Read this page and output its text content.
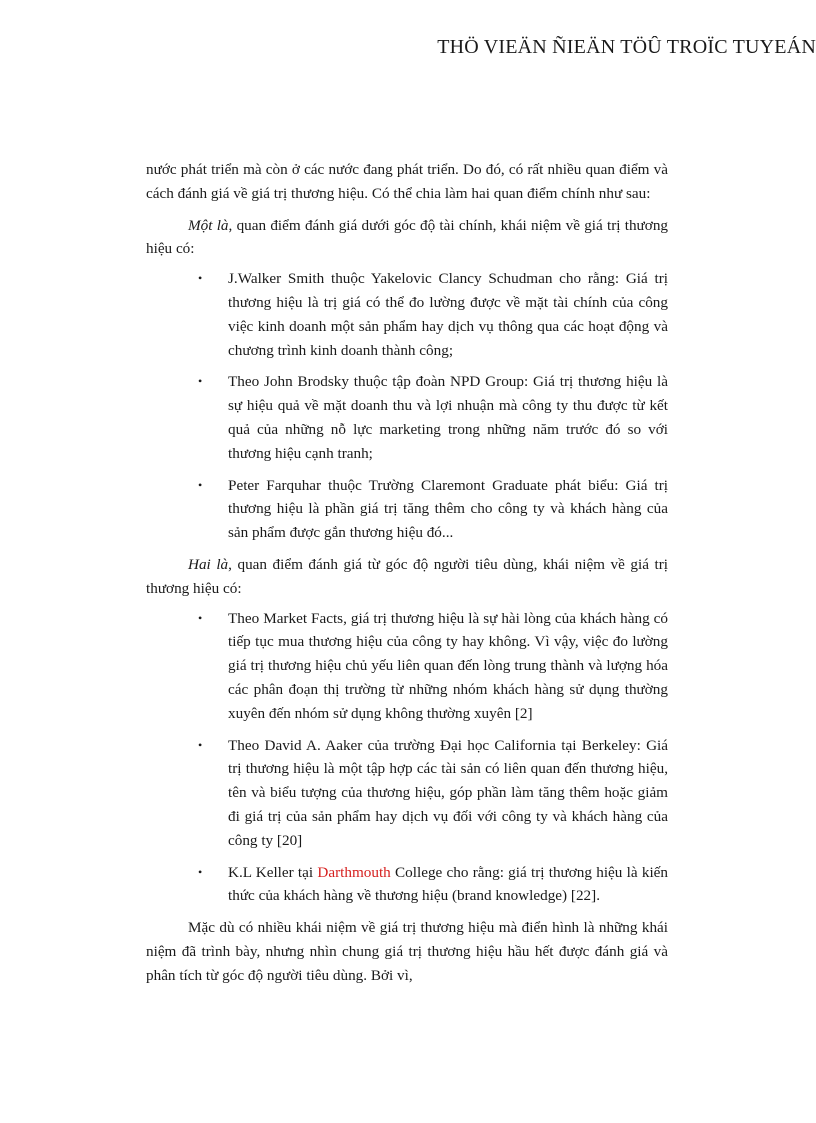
THÖ VIEÄN ÑIEÄN TÖÛ TROÏC TUYEÁN

nước phát triển mà còn ở các nước đang phát triển. Do đó, có rất nhiều quan điểm và cách đánh giá về giá trị thương hiệu. Có thể chia làm hai quan điểm chính như sau:

Một là, quan điểm đánh giá dưới góc độ tài chính, khái niệm về giá trị thương hiệu có:

• J.Walker Smith thuộc Yakelovic Clancy Schudman cho rằng: Giá trị thương hiệu là trị giá có thể đo lường được về mặt tài chính của công việc kinh doanh một sản phẩm hay dịch vụ thông qua các hoạt động và chương trình kinh doanh thành công;
• Theo John Brodsky thuộc tập đoàn NPD Group: Giá trị thương hiệu là sự hiệu quả về mặt doanh thu và lợi nhuận mà công ty thu được từ kết quả của những nỗ lực marketing trong những năm trước đó so với thương hiệu cạnh tranh;
• Peter Farquhar thuộc Trường Claremont Graduate phát biểu: Giá trị thương hiệu là phần giá trị tăng thêm cho công ty và khách hàng của sản phẩm được gắn thương hiệu đó...

Hai là, quan điểm đánh giá từ góc độ người tiêu dùng, khái niệm về giá trị thương hiệu có:

• Theo Market Facts, giá trị thương hiệu là sự hài lòng của khách hàng có tiếp tục mua thương hiệu của công ty hay không. Vì vậy, việc đo lường giá trị thương hiệu chủ yếu liên quan đến lòng trung thành và lượng hóa các phân đoạn thị trường từ những nhóm khách hàng sử dụng thường xuyên đến nhóm sử dụng không thường xuyên [2]
• Theo David A. Aaker của trường Đại học California tại Berkeley: Giá trị thương hiệu là một tập hợp các tài sản có liên quan đến thương hiệu, tên và biểu tượng của thương hiệu, góp phần làm tăng thêm hoặc giảm đi giá trị của sản phẩm hay dịch vụ đối với công ty và khách hàng của công ty [20]
• K.L Keller tại Darthmouth College cho rằng: giá trị thương hiệu là kiến thức của khách hàng về thương hiệu (brand knowledge) [22].

Mặc dù có nhiều khái niệm về giá trị thương hiệu mà điển hình là những khái niệm đã trình bày, nhưng nhìn chung giá trị thương hiệu hầu hết được đánh giá và phân tích từ góc độ người tiêu dùng. Bởi vì,
